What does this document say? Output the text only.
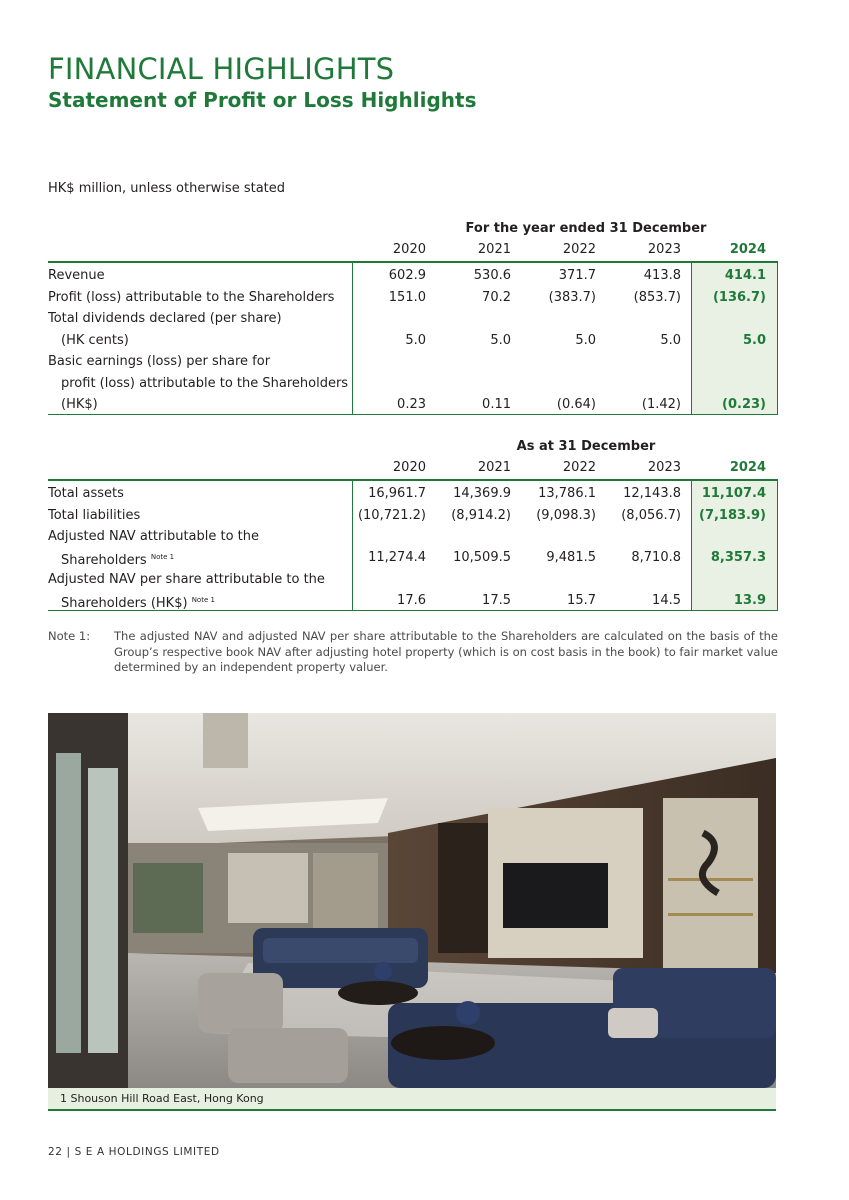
FINANCIAL HIGHLIGHTS
Statement of Profit or Loss Highlights
HK$ million, unless otherwise stated
For the year ended 31 December
2020	2021	2022	2023	2024
Revenue	602.9	530.6	371.7	413.8	414.1
Profit (loss) attributable to the Shareholders	151.0	70.2	(383.7)	(853.7)	(136.7)
Total dividends declared (per share)
(HK cents)	5.0	5.0	5.0	5.0	5.0
Basic earnings (loss) per share for
profit (loss) attributable to the Shareholders
(HK$)	0.23	0.11	(0.64)	(1.42)	(0.23)
As at 31 December
2020	2021	2022	2023	2024
Total assets	16,961.7	14,369.9	13,786.1	12,143.8	11,107.4
Total liabilities	(10,721.2)	(8,914.2)	(9,098.3)	(8,056.7)	(7,183.9)
Adjusted NAV attributable to the
Shareholders $^{Note 1}$	11,274.4	10,509.5	9,481.5	8,710.8	8,357.3
Adjusted NAV per share attributable to the
Shareholders (HK$) $^{Note 1}$	17.6	17.5	15.7	14.5	13.9
Note 1: The adjusted NAV and adjusted NAV per share attributable to the Shareholders are calculated on the basis of the Group’s respective book NAV after adjusting hotel property (which is on cost basis in the book) to fair market value determined by an independent property valuer.
1 Shouson Hill Road East, Hong Kong
22 | S E A HOLDINGS LIMITED
